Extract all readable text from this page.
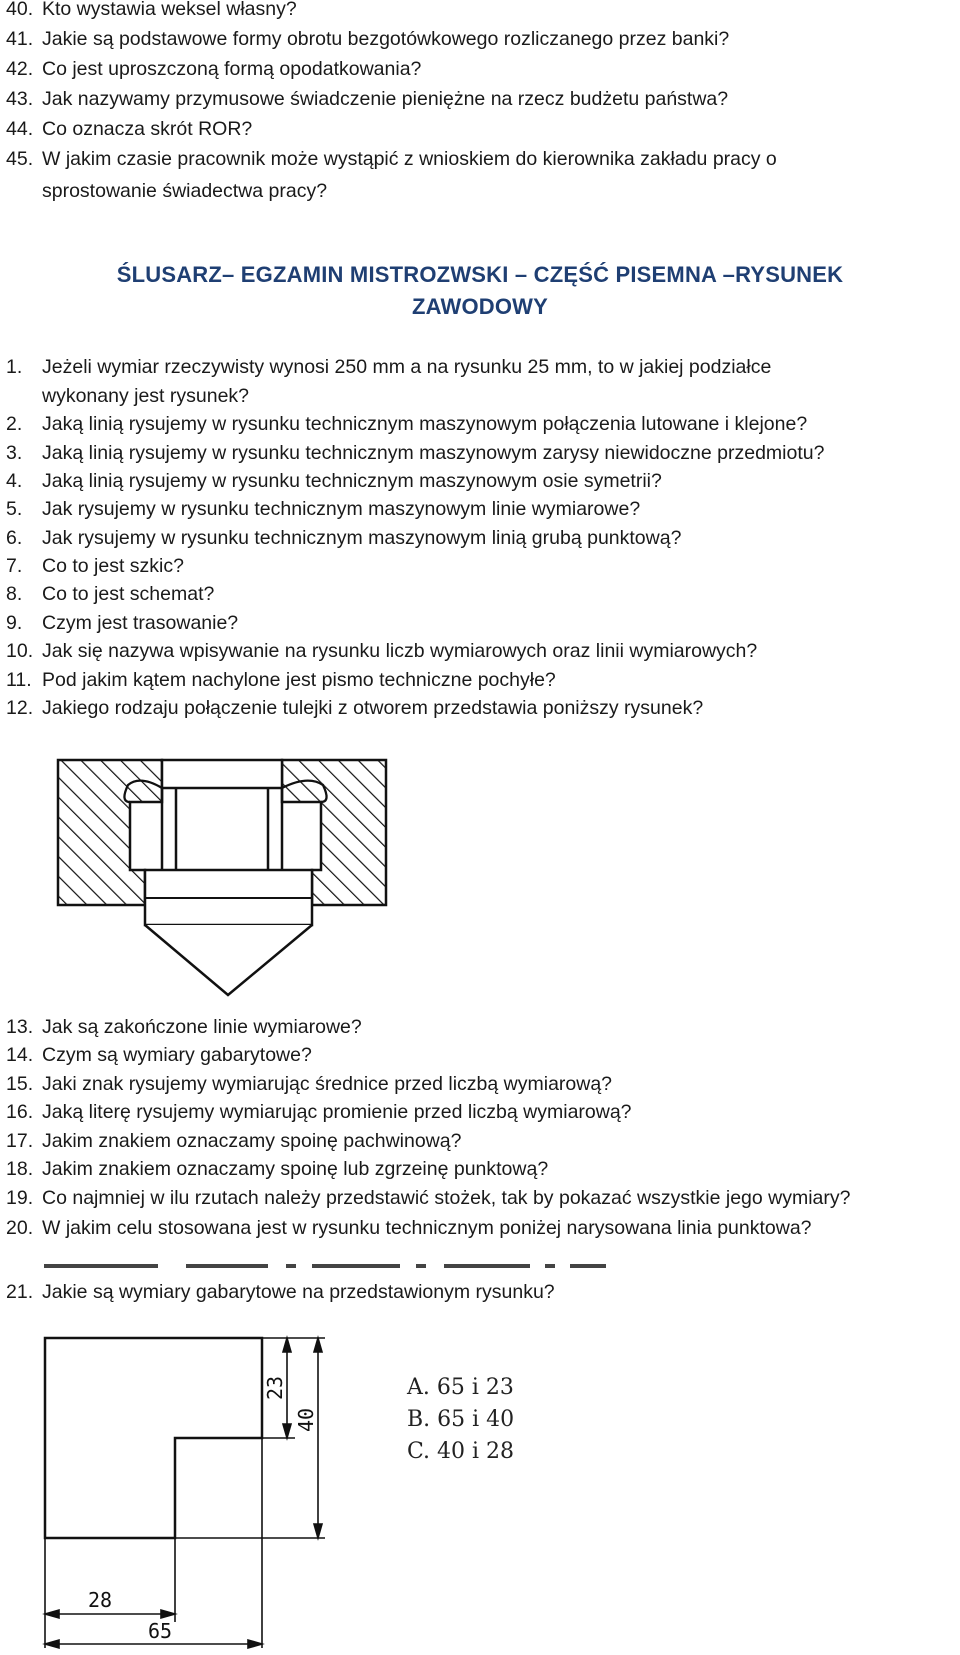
40. Kto wystawia weksel własny?
41. Jakie są podstawowe formy obrotu bezgotówkowego rozliczanego przez banki?
42. Co jest uproszczoną formą opodatkowania?
43. Jak nazywamy przymusowe świadczenie pieniężne na rzecz budżetu państwa?
44. Co oznacza skrót ROR?
45. W jakim czasie pracownik może wystąpić z wnioskiem do kierownika zakładu pracy o
sprostowanie świadectwa pracy?
ŚLUSARZ– EGZAMIN MISTROZWSKI – CZĘŚĆ PISEMNA –RYSUNEK
ZAWODOWY
1. Jeżeli wymiar rzeczywisty wynosi 250 mm a na rysunku 25 mm, to w jakiej podziałce
wykonany jest rysunek?
2. Jaką linią rysujemy w rysunku technicznym maszynowym połączenia lutowane i klejone?
3. Jaką linią rysujemy w rysunku technicznym maszynowym zarysy niewidoczne przedmiotu?
4. Jaką linią rysujemy w rysunku technicznym maszynowym osie symetrii?
5. Jak rysujemy w rysunku technicznym maszynowym linie wymiarowe?
6. Jak rysujemy w rysunku technicznym maszynowym linią grubą punktową?
7. Co to jest szkic?
8. Co to jest schemat?
9. Czym jest trasowanie?
10. Jak się nazywa wpisywanie na rysunku liczb wymiarowych oraz linii wymiarowych?
11. Pod jakim kątem nachylone jest pismo techniczne pochyłe?
12. Jakiego rodzaju połączenie tulejki z otworem przedstawia poniższy rysunek?
13. Jak są zakończone linie wymiarowe?
14. Czym są wymiary gabarytowe?
15. Jaki znak rysujemy wymiarując średnice przed liczbą wymiarową?
16. Jaką literę rysujemy wymiarując promienie przed liczbą wymiarową?
17. Jakim znakiem oznaczamy spoinę pachwinową?
18. Jakim znakiem oznaczamy spoinę lub zgrzeinę punktową?
19. Co najmniej w ilu rzutach należy przedstawić stożek, tak by pokazać wszystkie jego wymiary?
20. W jakim celu stosowana jest w rysunku technicznym poniżej narysowana linia punktowa?
21. Jakie są wymiary gabarytowe na przedstawionym rysunku?
23
40
28
65
A. 65 i 23
B. 65 i 40
C. 40 i 28
